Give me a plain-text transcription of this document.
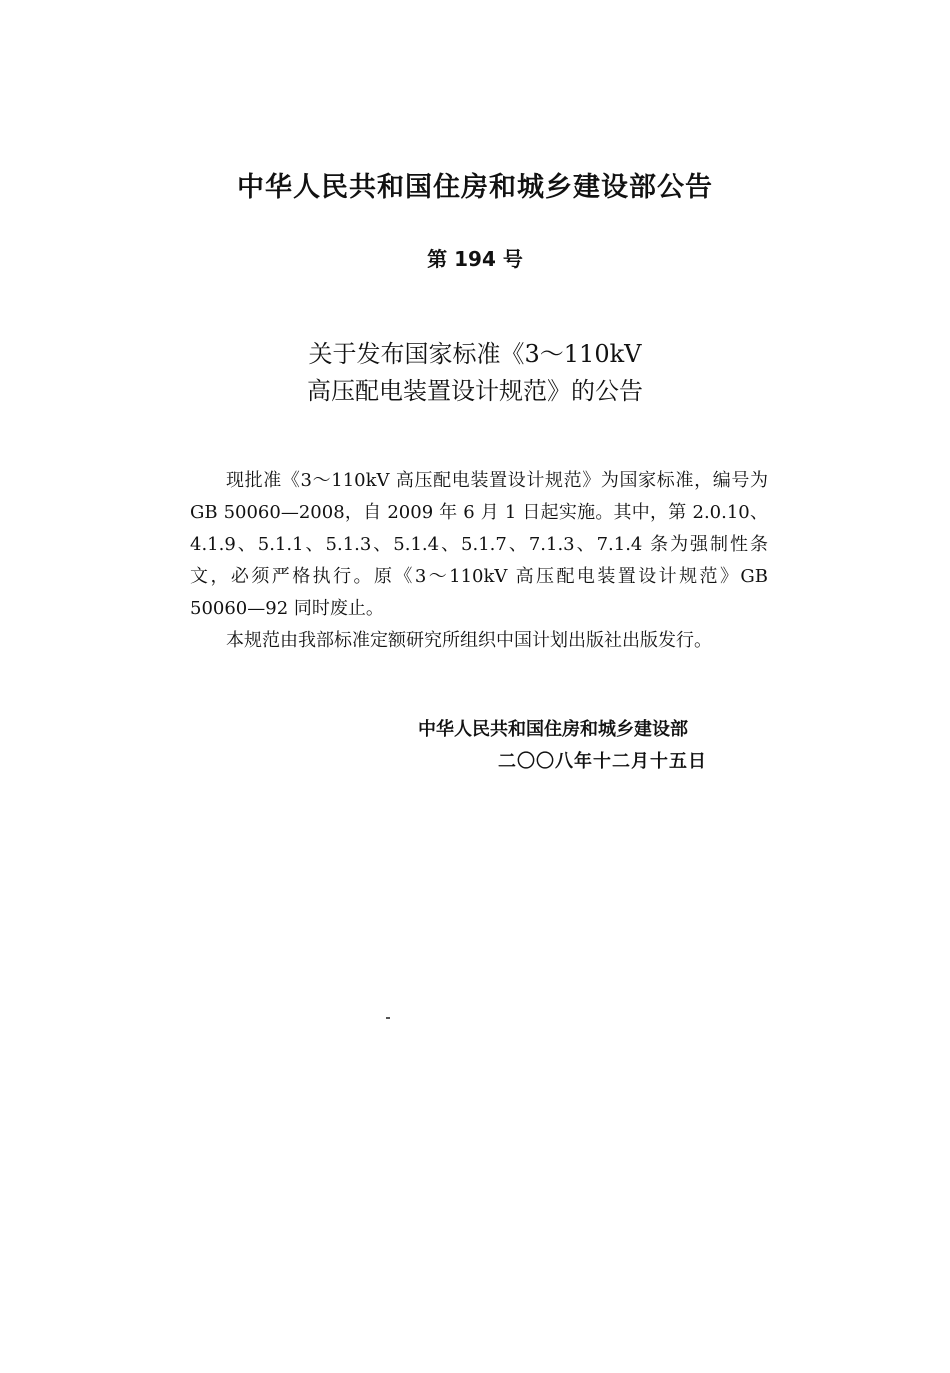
中华人民共和国住房和城乡建设部公告
第 194 号
关于发布国家标准《3～110kV
高压配电装置设计规范》的公告

现批准《3～110kV 高压配电装置设计规范》为国家标准，编号为 GB 50060—2008，自 2009 年 6 月 1 日起实施。其中，第 2.0.10、4.1.9、5.1.1、5.1.3、5.1.4、5.1.7、7.1.3、7.1.4 条为强制性条文，必须严格执行。原《3～110kV 高压配电装置设计规范》GB 50060—92 同时废止。

本规范由我部标准定额研究所组织中国计划出版社出版发行。

中华人民共和国住房和城乡建设部
二〇〇八年十二月十五日
